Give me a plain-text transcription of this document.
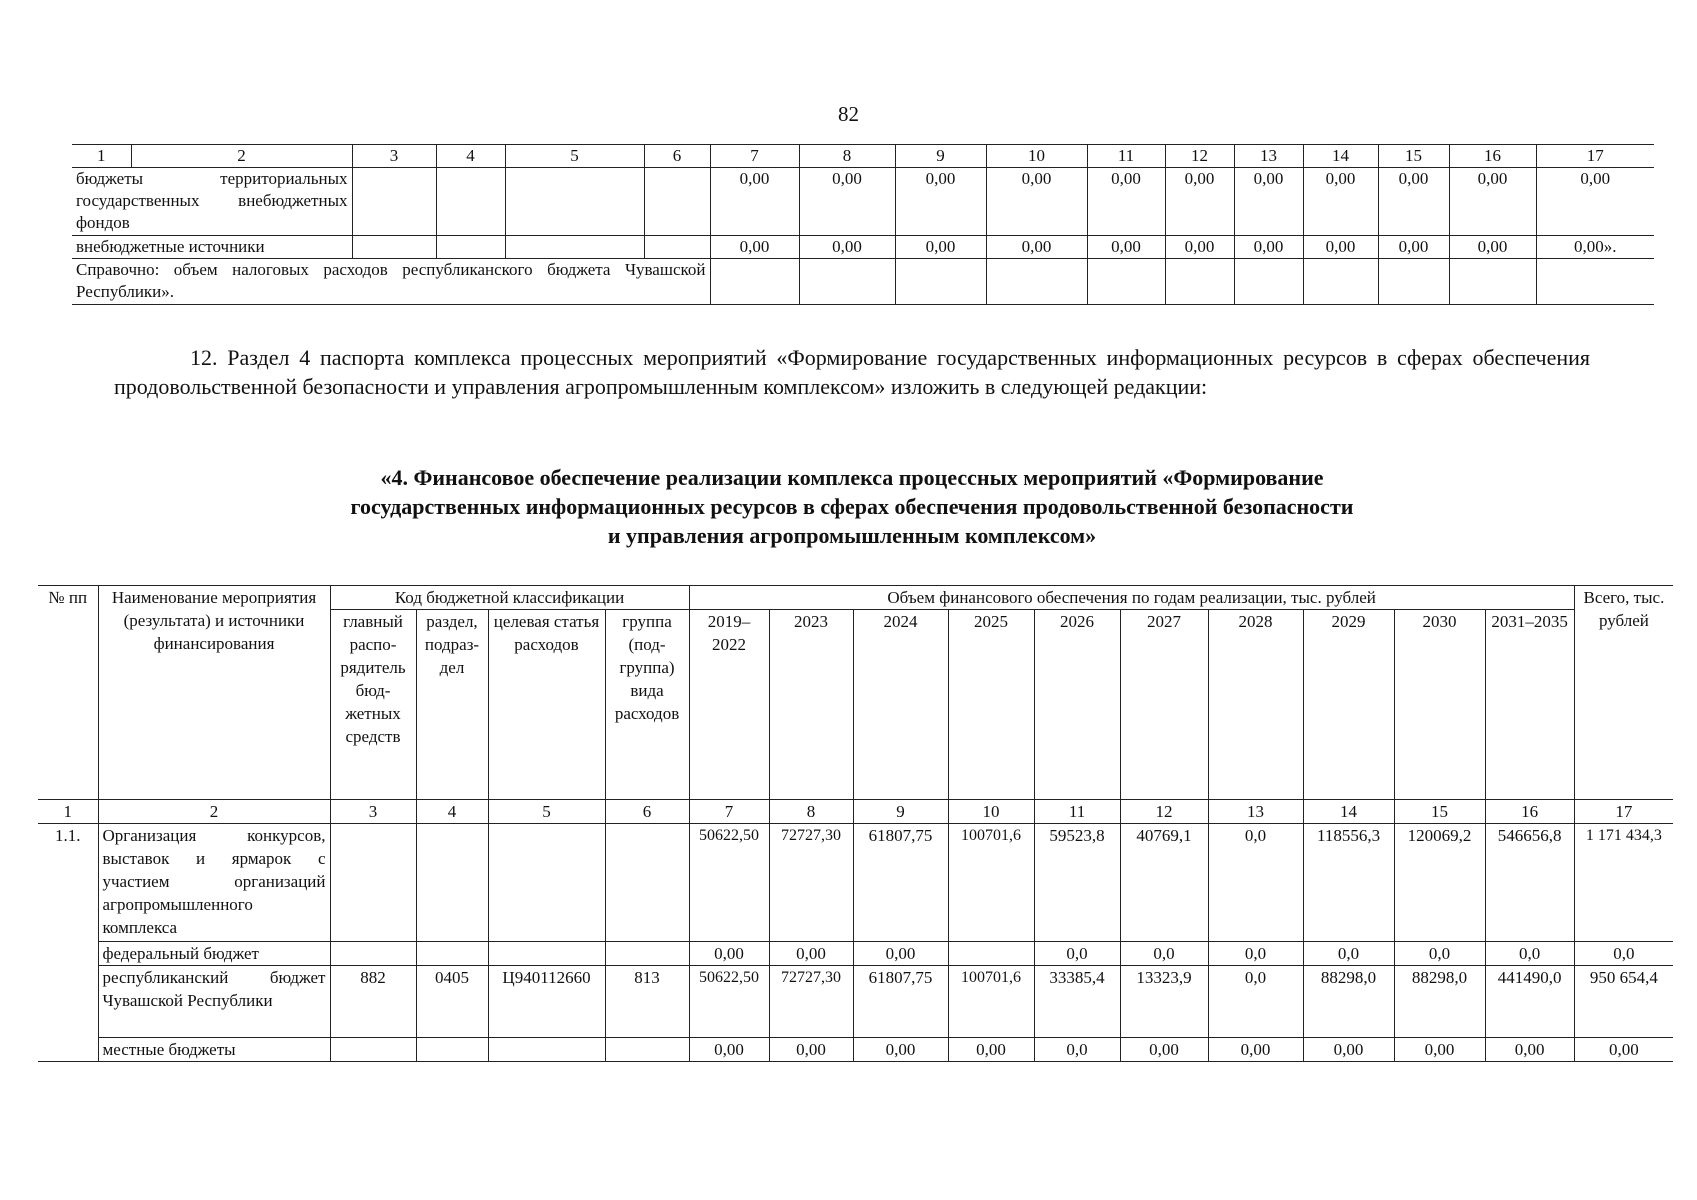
82
1	2	3	4	5	6	7	8	9	10	11	12	13	14	15	16	17
бюджеты территориальных государственных внебюджетных фондов						0,00	0,00	0,00	0,00	0,00	0,00	0,00	0,00	0,00	0,00	0,00
внебюджетные источники						0,00	0,00	0,00	0,00	0,00	0,00	0,00	0,00	0,00	0,00	0,00».
Справочно: объем налоговых расходов республиканского бюджета Чувашской Республики».																
12. Раздел 4 паспорта комплекса процессных мероприятий «Формирование государственных информационных ресурсов в сферах обеспечения продовольственной безопасности и управления агропромышленным комплексом» изложить в следующей редакции:
«4. Финансовое обеспечение реализации комплекса процессных мероприятий «Формирование
государственных информационных ресурсов в сферах обеспечения продовольственной безопасности
и управления агропромышленным комплексом»
№ пп	Наименование мероприятия (результата) и источники финансирования	Код бюджетной классификации				Объем финансового обеспечения по годам реализации, тыс. рублей										Всего, тыс. рублей
		главный распорядитель бюджетных средств	раздел, подраздел	целевая статья расходов	группа (подгруппа) вида расходов	2019–2022	2023	2024	2025	2026	2027	2028	2029	2030	2031–2035	
1	2	3	4	5	6	7	8	9	10	11	12	13	14	15	16	17
1.1.	Организация конкурсов, выставок и ярмарок с участием организаций агропромышленного комплекса					50622,50	72727,30	61807,75	100701,6	59523,8	40769,1	0,0	118556,3	120069,2	546656,8	1 171 434,3
	федеральный бюджет					0,00	0,00	0,00		0,0	0,0	0,0	0,0	0,0	0,0	0,0
	республиканский бюджет Чувашской Республики	882	0405	Ц940112660	813	50622,50	72727,30	61807,75	100701,6	33385,4	13323,9	0,0	88298,0	88298,0	441490,0	950 654,4
	местные бюджеты					0,00	0,00	0,00	0,00	0,0	0,00	0,00	0,00	0,00	0,00	0,00
